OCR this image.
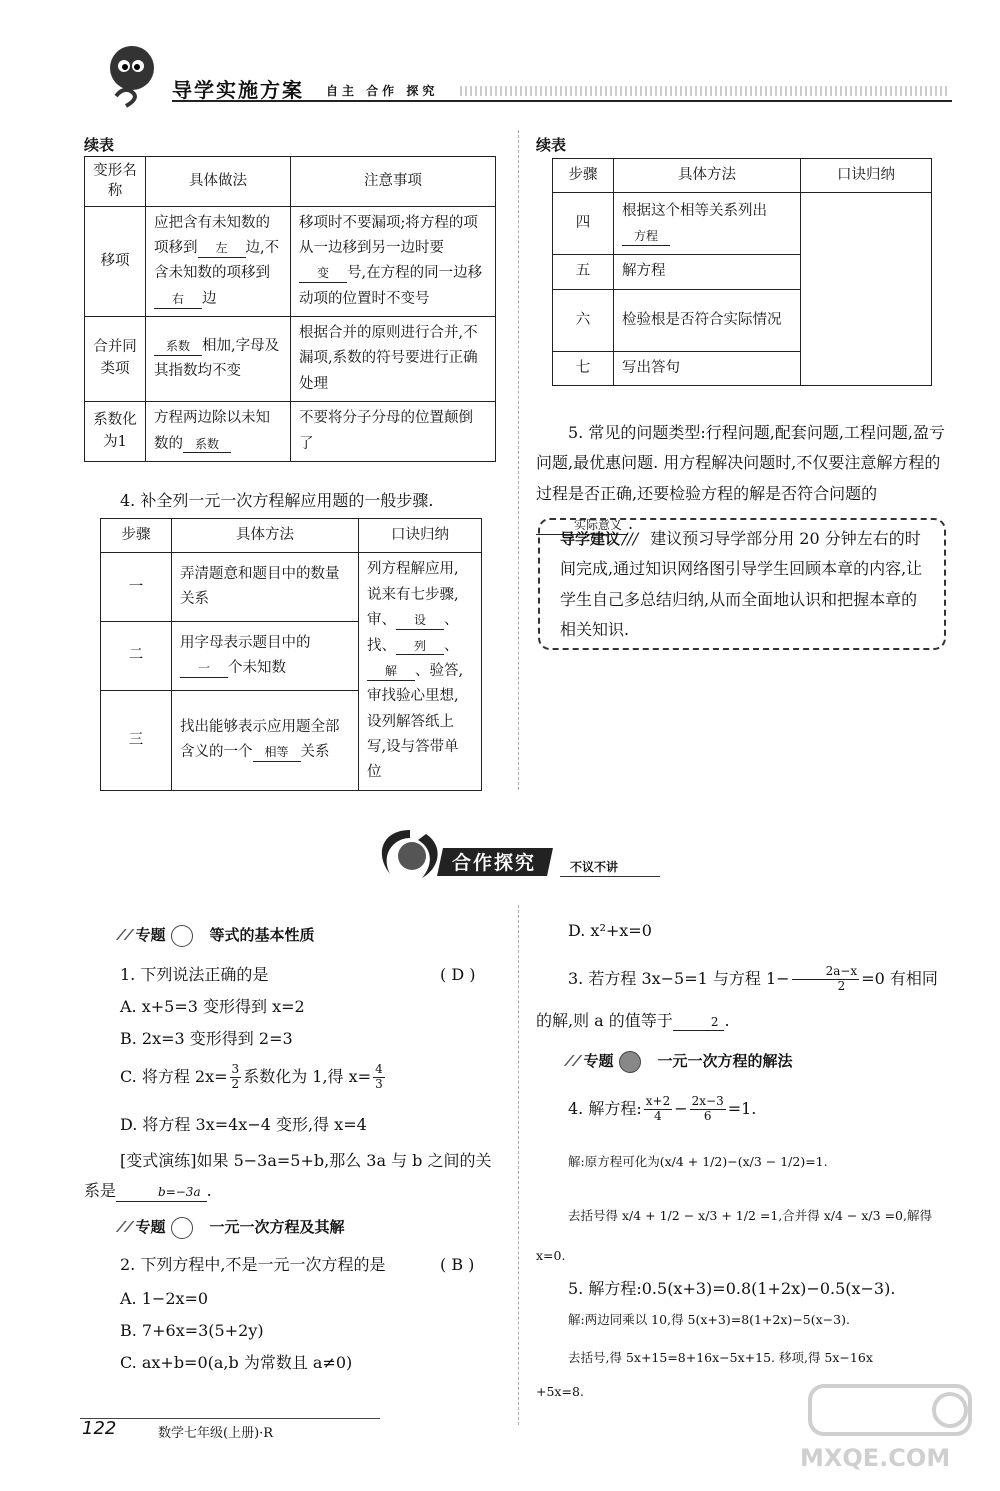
导学实施方案 自主 合作 探究
续表
变形名称	具体做法	注意事项
移项	应把含有未知数的项移到 左 边,不含未知数的项移到右 边	移项时不要漏项;将方程的项从一边移到另一边时要变 号,在方程的同一边移动项的位置时不变号
合并同类项	系数 相加,字母及其指数均不变	根据合并的原则进行合并,不漏项,系数的符号要进行正确处理
系数化为1	方程两边除以未知数的 系数	不要将分子分母的位置颠倒了
4. 补全列一元一次方程解应用题的一般步骤.
步骤	具体方法	口诀归纳
一	弄清题意和题目中的数量关系	列方程解应用,说来有七步骤,审、 设 、找、 列 、解 、验答,审找验心里想,设列解答纸上写,设与答带单位
二	用字母表示题目中的一 个未知数	
三	找出能够表示应用题全部含义的一个 相等 关系	
续表
步骤	具体方法	口诀归纳
四	根据这个相等关系列出方程	
五	解方程	
六	检验根是否符合实际情况	
七	写出答句	
5. 常见的问题类型:行程问题,配套问题,工程问题,盈亏问题,最优惠问题. 用方程解决问题时,不仅要注意解方程的过程是否正确,还要检验方程的解是否符合问题的实际意义 .
导学建议 /// 建议预习导学部分用 20 分钟左右的时间完成,通过知识网络图引导学生回顾本章的内容,让学生自己多总结归纳,从而全面地认识和把握本章的相关知识.
合作探究	不议不讲
⁄ ⁄ 专题	等式的基本性质
1. 下列说法正确的是	( D )
A. x+5=3 变形得到 x=2
B. 2x=3 变形得到 2=3
C. 将方程 $2x= \frac{3}{2}$ 系数化为 1,得 $x= \frac{4}{3}$
D. 将方程 3x=4x−4 变形,得 x=4
[变式演练]如果 5−3a=5+b,那么 3a 与 b 之间的关系是	b=−3a .
⁄ ⁄ 专题	一元一次方程及其解
2. 下列方程中,不是一元一次方程的是	( B )
A. 1−2x=0
B. 7+6x=3(5+2y)
C. ax+b=0(a,b 为常数且 a≠0)
D. x²+x=0
3. 若方程 3x−5=1 与方程 $1- \frac{2a-x}{2} =0$ 有相同的解,则 a 的值等于	2 .
⁄ ⁄ 专题	一元一次方程的解法
4. 解方程: $\frac{x+2}{4} - \frac{2x-3}{6} =1$.
解:原方程可化为(x/4 + 1/2)−(x/3 − 1/2)=1.
去括号得 x/4 + 1/2 − x/3 + 1/2 =1,合并得 x/4 − x/3 =0,解得
x=0.
5. 解方程:0.5(x+3)=0.8(1+2x)−0.5(x−3).
解:两边同乘以 10,得 5(x+3)=8(1+2x)−5(x−3).
去括号,得 5x+15=8+16x−5x+15. 移项,得 5x−16x
+5x=8.
122	数学七年级(上册)·R
MXQE.COM
